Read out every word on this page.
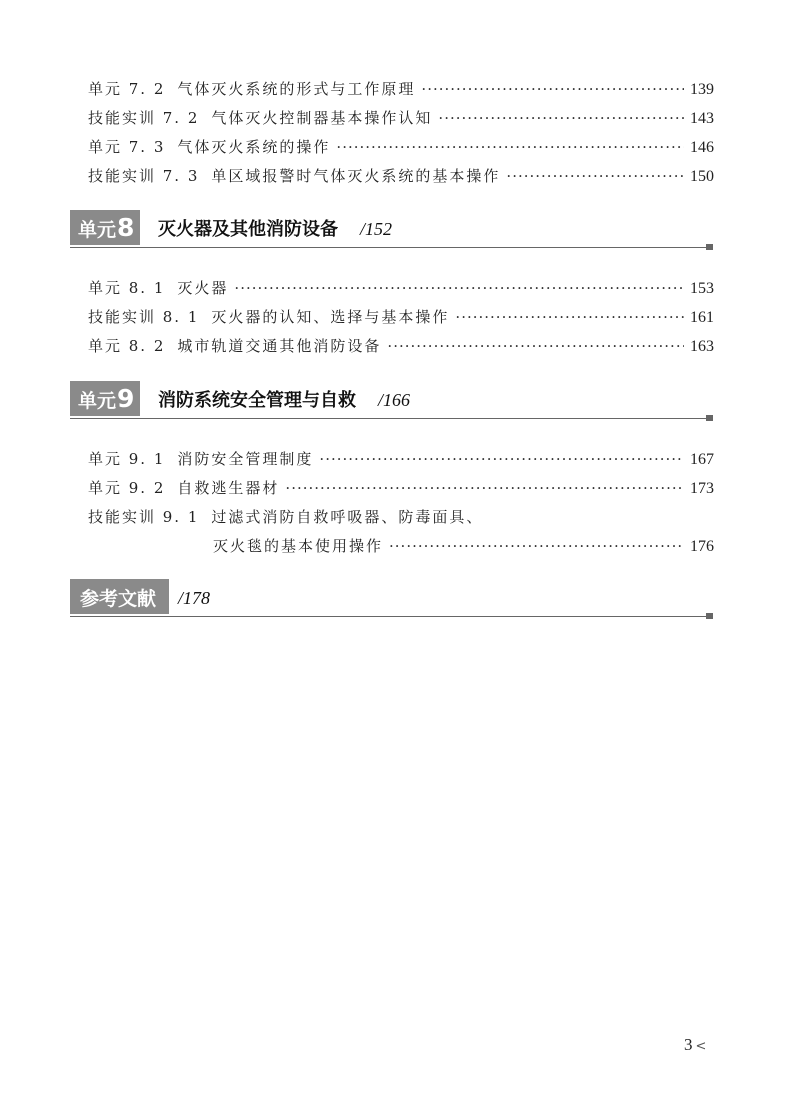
单元 7. 2 气体灭火系统的形式与工作原理 ·····	139
技能实训 7. 2 气体灭火控制器基本操作认知 ·····	143
单元 7. 3 气体灭火系统的操作 ·····	146
技能实训 7. 3 单区域报警时气体灭火系统的基本操作 ·····	150
单元8	灭火器及其他消防设备 /152
单元 8. 1 灭火器 ·····	153
技能实训 8. 1 灭火器的认知、选择与基本操作 ·····	161
单元 8. 2 城市轨道交通其他消防设备 ·····	163
单元9	消防系统安全管理与自救 /166
单元 9. 1 消防安全管理制度 ·····	167
单元 9. 2 自救逃生器材 ·····	173
技能实训 9. 1 过滤式消防自救呼吸器、防毒面具、
灭火毯的基本使用操作 ·····	176
参考文献	/178
3 <
